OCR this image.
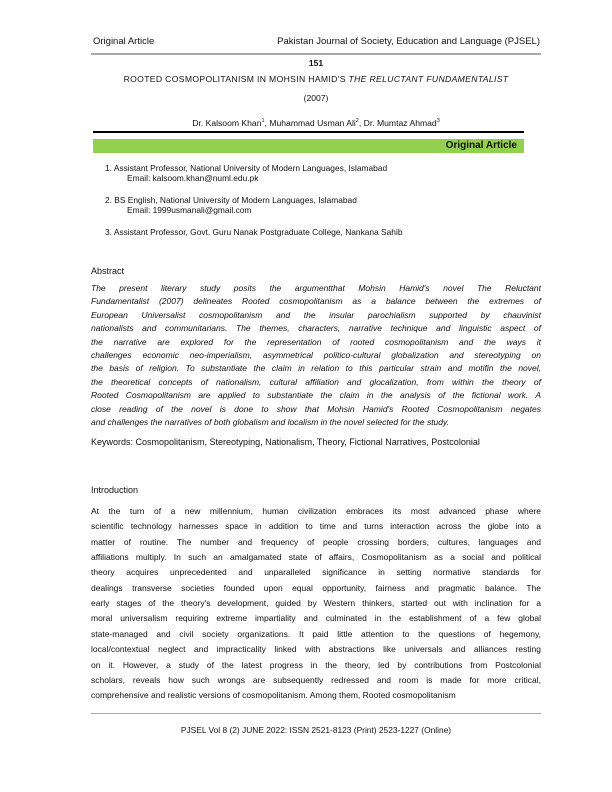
Original Article	Pakistan Journal of Society, Education and Language (PJSEL)
151
ROOTED COSMOPOLITANISM IN MOHSIN HAMID'S THE RELUCTANT FUNDAMENTALIST
(2007)
Dr. Kalsoom Khan$^1$, Muhammad Usman Ali$^2$, Dr. Mumtaz Ahmad$^3$
Original Article
1. Assistant Professor, National University of Modern Languages, Islamabad
Email: kalsoom.khan@numl.edu.pk
2. BS English, National University of Modern Languages, Islamabad
Email: 1999usmanali@gmail.com
3. Assistant Professor, Govt. Guru Nanak Postgraduate College, Nankana Sahib
Abstract
The present literary study posits the argumentthat Mohsin Hamid's novel The Reluctant
Fundamentalist (2007) delineates Rooted cosmopolitanism as a balance between the extremes of
European Universalist cosmopolitanism and the insular parochialism supported by chauvinist
nationalists and communitarians. The themes, characters, narrative technique and linguistic aspect of
the narrative are explored for the representation of rooted cosmopolitanism and the ways it
challenges economic neo-imperialism, asymmetrical politico-cultural globalization and stereotyping on
the basis of religion. To substantiate the claim in relation to this particular strain and motifin the novel,
the theoretical concepts of nationalism, cultural affiliation and glocalization, from within the theory of
Rooted Cosmopolitanism are applied to substantiate the claim in the analysis of the fictional work. A
close reading of the novel is done to show that Mohsin Hamid's Rooted Cosmopolitanism negates
and challenges the narratives of both globalism and localism in the novel selected for the study.
Keywords: Cosmopolitanism, Stereotyping, Nationalism, Theory, Fictional Narratives, Postcolonial
Introduction
At the turn of a new millennium, human civilization embraces its most advanced phase where
scientific technology harnesses space in addition to time and turns interaction across the globe into a
matter of routine. The number and frequency of people crossing borders, cultures, languages and
affiliations multiply. In such an amalgamated state of affairs, Cosmopolitanism as a social and political
theory acquires unprecedented and unparalleled significance in setting normative standards for
dealings transverse societies founded upon equal opportunity, fairness and pragmatic balance. The
early stages of the theory's development, guided by Western thinkers, started out with inclination for a
moral universalism requiring extreme impartiality and culminated in the establishment of a few global
state-managed and civil society organizations. It paid little attention to the questions of hegemony,
local/contextual neglect and impracticality linked with abstractions like universals and alliances resting
on it. However, a study of the latest progress in the theory, led by contributions from Postcolonial
scholars, reveals how such wrongs are subsequently redressed and room is made for more critical,
comprehensive and realistic versions of cosmopolitanism. Among them, Rooted cosmopolitanism
PJSEL Vol 8 (2) JUNE 2022: ISSN 2521-8123 (Print) 2523-1227 (Online)
